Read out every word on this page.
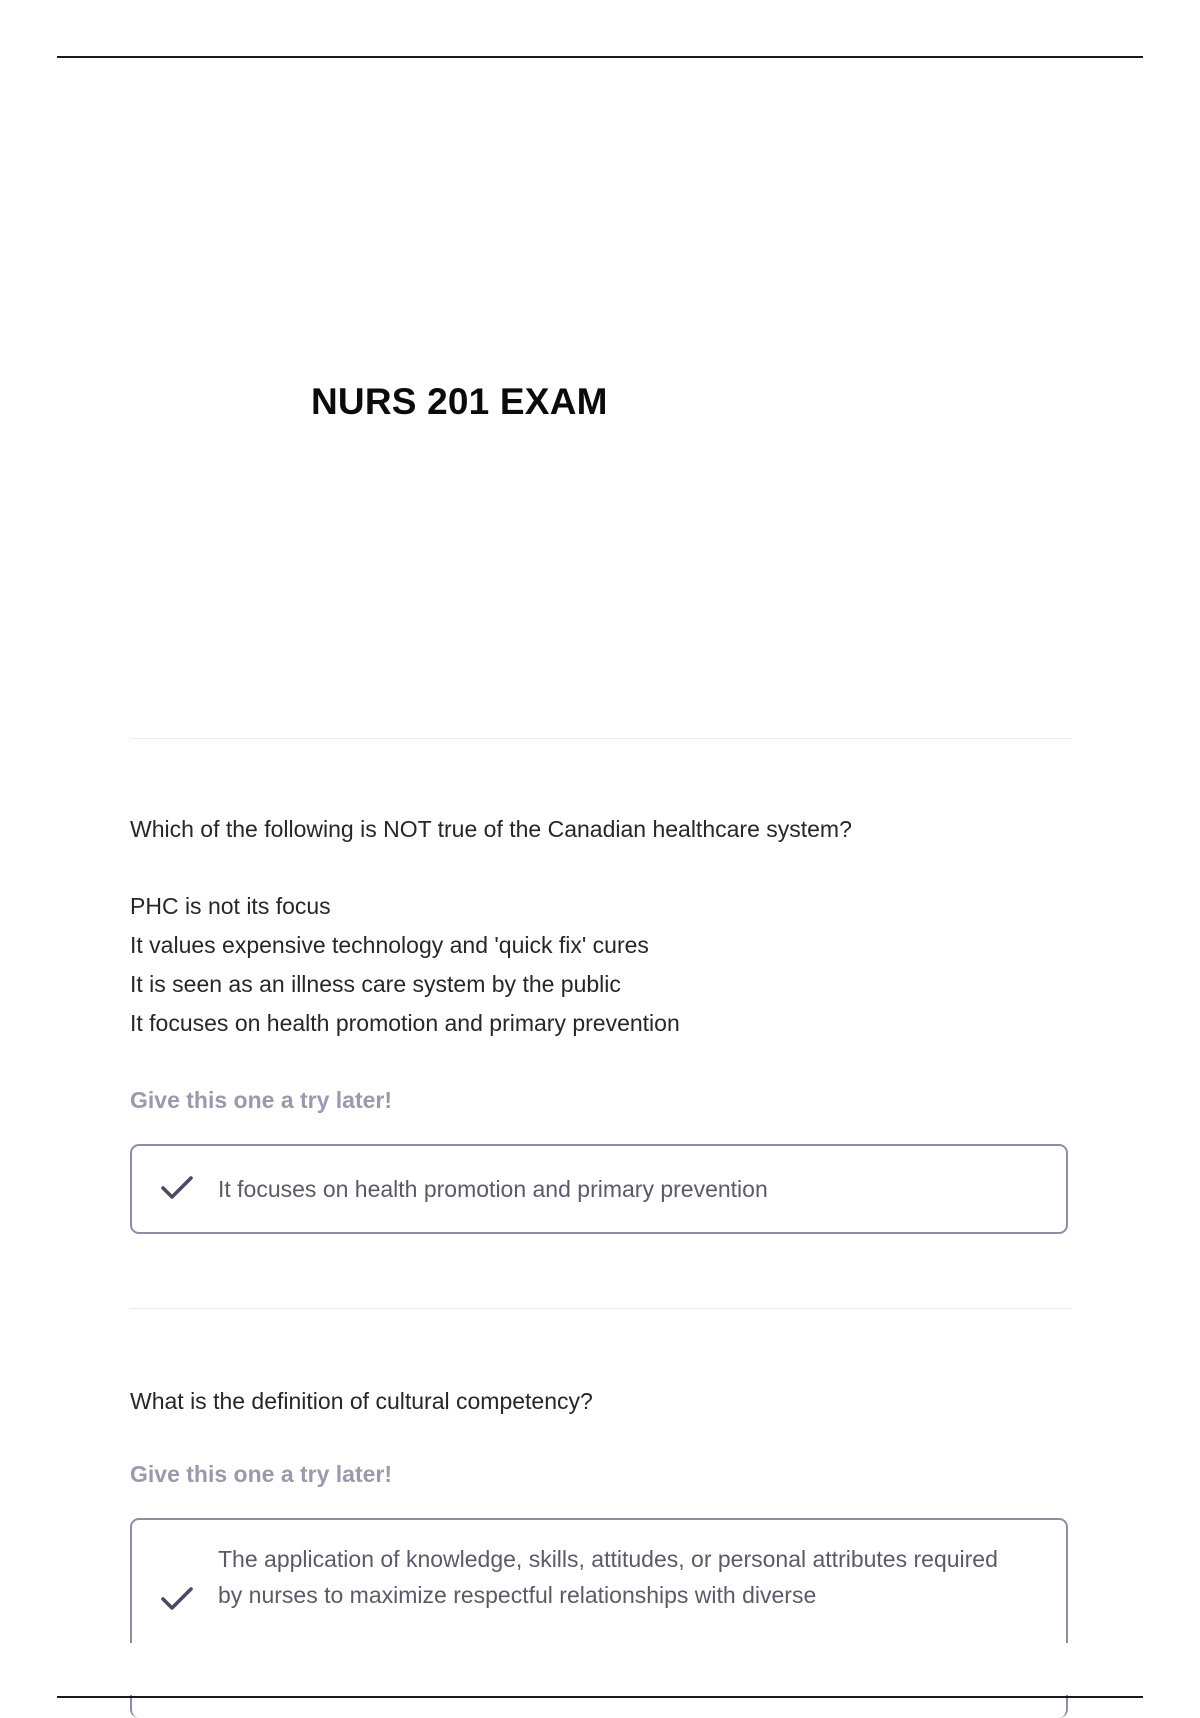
NURS 201 EXAM

Which of the following is NOT true of the Canadian healthcare system?

PHC is not its focus
It values expensive technology and 'quick fix' cures
It is seen as an illness care system by the public
It focuses on health promotion and primary prevention

Give this one a try later!

It focuses on health promotion and primary prevention

What is the definition of cultural competency?

Give this one a try later!

The application of knowledge, skills, attitudes, or personal attributes required by nurses to maximize respectful relationships with diverse
